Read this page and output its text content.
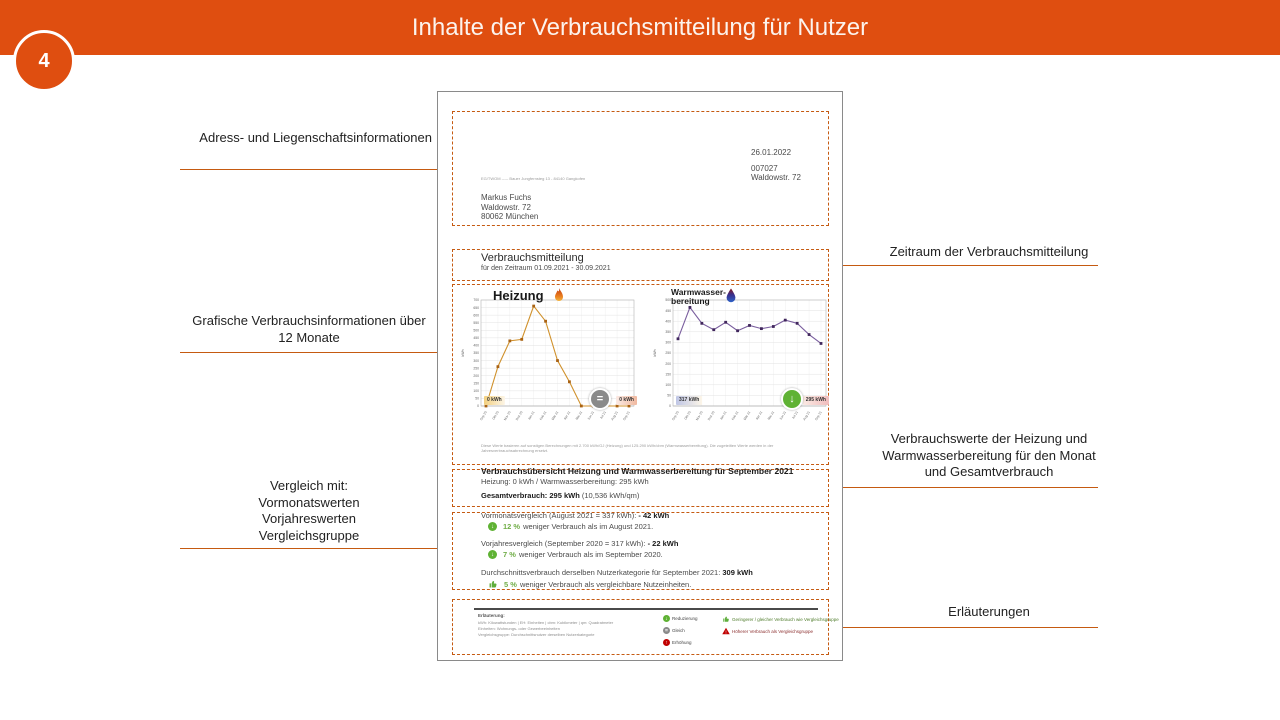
Inhalte der Verbrauchsmitteilung für Nutzer
4
Adress- und Liegenschaftsinformationen
Grafische Verbrauchsinformationen über
12 Monate
Vergleich mit:
Vormonatswerten
Vorjahreswerten
Vergleichsgruppe
Zeitraum der Verbrauchsmitteilung
Verbrauchswerte der Heizung und
Warmwasserbereitung für den Monat
und Gesamtverbrauch
Erläuterungen
26.01.2022
007027
Waldowstr. 72
EG/TWOM ----- Bauer Jungfernsteg 13 - 84140 Gangkofen
Markus Fuchs
Waldowstr. 72
80062 München
Verbrauchsmitteilung
für den Zeitraum 01.09.2021 - 30.09.2021
0
50
100
150
200
250
300
350
400
450
500
550
600
650
700
kWh
Sep 20 Okt 20 Nov 20 Dez 20 Jan 21 Feb 21 Mär 21 Apr 21 Mai 21 Jun 21 Jul 21 Aug 21 Sep 21
Heizung
0 kWh	0 kWh
=
0
50
100
150
200
250
300
350
400
450
500
kWh
Sep 20 Okt 20 Nov 20 Dez 20 Jan 21 Feb 21 Mär 21 Apr 21 Mai 21 Jun 21 Jul 21 Aug 21 Sep 21
Warmwasser-
bereitung
317 kWh	295 kWh
↓
Diese Werte basieren auf sonstigen Berechnungen mit 2.700 kWh/GJ (Heizung) und 125.290 kWh/cbm (Warmwasserbereitung). Die zugeteilten Werte werden in der
Jahresverbrauchsabrechnung ersetzt.
Verbrauchsübersicht Heizung und Warmwasserbereitung für September 2021
Heizung: 0 kWh / Warmwasserbereitung: 295 kWh
Gesamtverbrauch: 295 kWh (10,536 kWh/qm)
Vormonatsvergleich (August 2021 = 337 kWh): - 42 kWh
↓	12 % weniger Verbrauch als im August 2021.
Vorjahresvergleich (September 2020 = 317 kWh): - 22 kWh
↓	7 % weniger Verbrauch als im September 2020.
Durchschnittsverbrauch derselben Nutzerkategorie für September 2021: 309 kWh
5 % weniger Verbrauch als vergleichbare Nutzeinheiten.
Erläuterung:
kWh: Kilowattstunden | EH: Einheiten | cbm: Kubikmeter | qm: Quadratmeter
Einheiten: Wohnungs- oder Gewerbeeinheiten
Vergleichsgruppe: Durchschnittsnutzer derselben Nutzerkategorie
↓ Reduzierung
= Gleich
↑ Erhöhung
Geringerer / gleicher Verbrauch wie Vergleichsgruppe
! Höherer Verbrauch als Vergleichsgruppe
